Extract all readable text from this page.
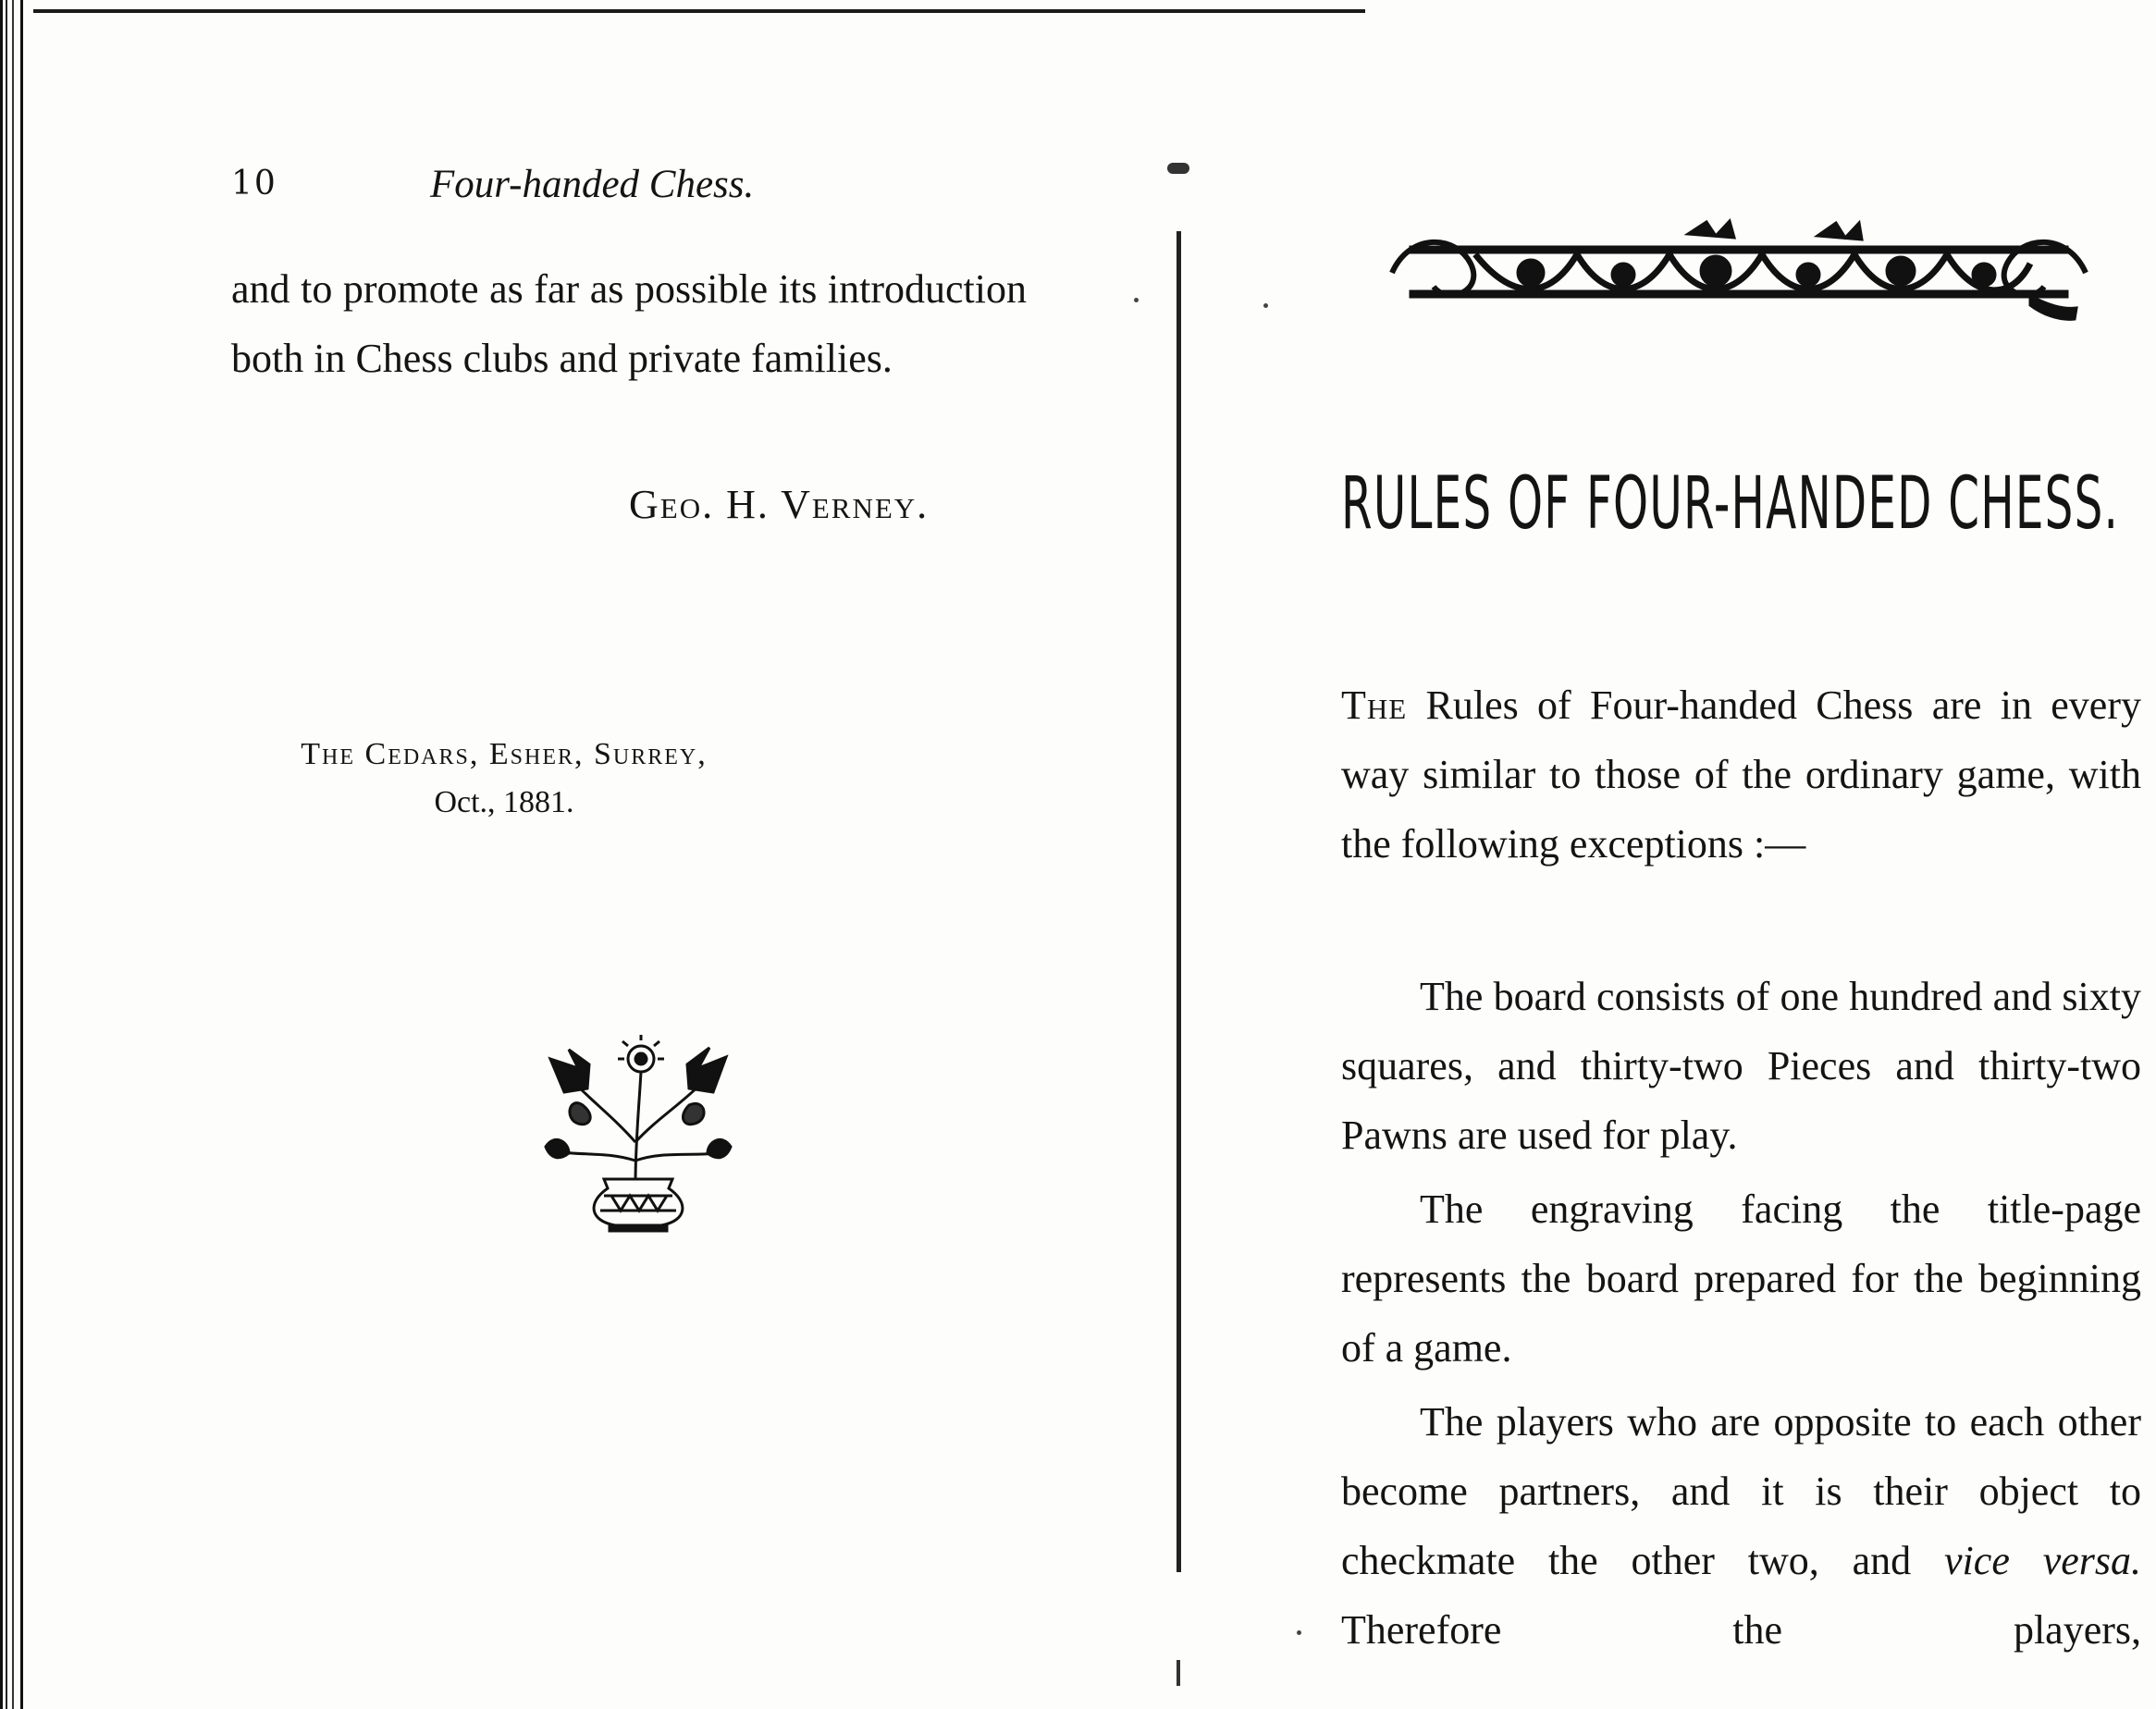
10	Four-handed Chess.

and to promote as far as possible its introduction both in Chess clubs and private families.

Geo. H. Verney.

The Cedars, Esher, Surrey,
Oct., 1881.
RULES OF FOUR-HANDED CHESS.

The Rules of Four-handed Chess are in every way similar to those of the ordinary game, with the following exceptions :—

The board consists of one hundred and sixty squares, and thirty-two Pieces and thirty-two Pawns are used for play.

The engraving facing the title-page represents the board prepared for the beginning of a game.

The players who are opposite to each other become partners, and it is their object to checkmate the other two, and vice versa. Therefore the players,
